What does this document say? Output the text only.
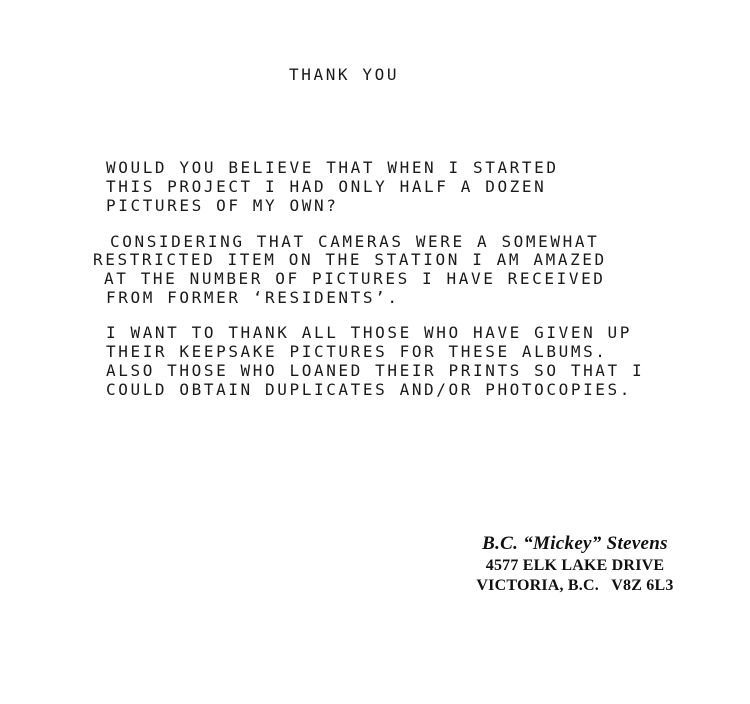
THANK YOU
WOULD YOU BELIEVE THAT WHEN I STARTED
THIS PROJECT I HAD ONLY HALF A DOZEN
PICTURES OF MY OWN?
CONSIDERING THAT CAMERAS WERE A SOMEWHAT
RESTRICTED ITEM ON THE STATION I AM AMAZED
AT THE NUMBER OF PICTURES I HAVE RECEIVED
FROM FORMER ‘RESIDENTS’.
I WANT TO THANK ALL THOSE WHO HAVE GIVEN UP
THEIR KEEPSAKE PICTURES FOR THESE ALBUMS.
ALSO THOSE WHO LOANED THEIR PRINTS SO THAT I
COULD OBTAIN DUPLICATES AND/OR PHOTOCOPIES.
B.C. “Mickey” Stevens
4577 ELK LAKE DRIVE
VICTORIA, B.C.   V8Z 6L3
